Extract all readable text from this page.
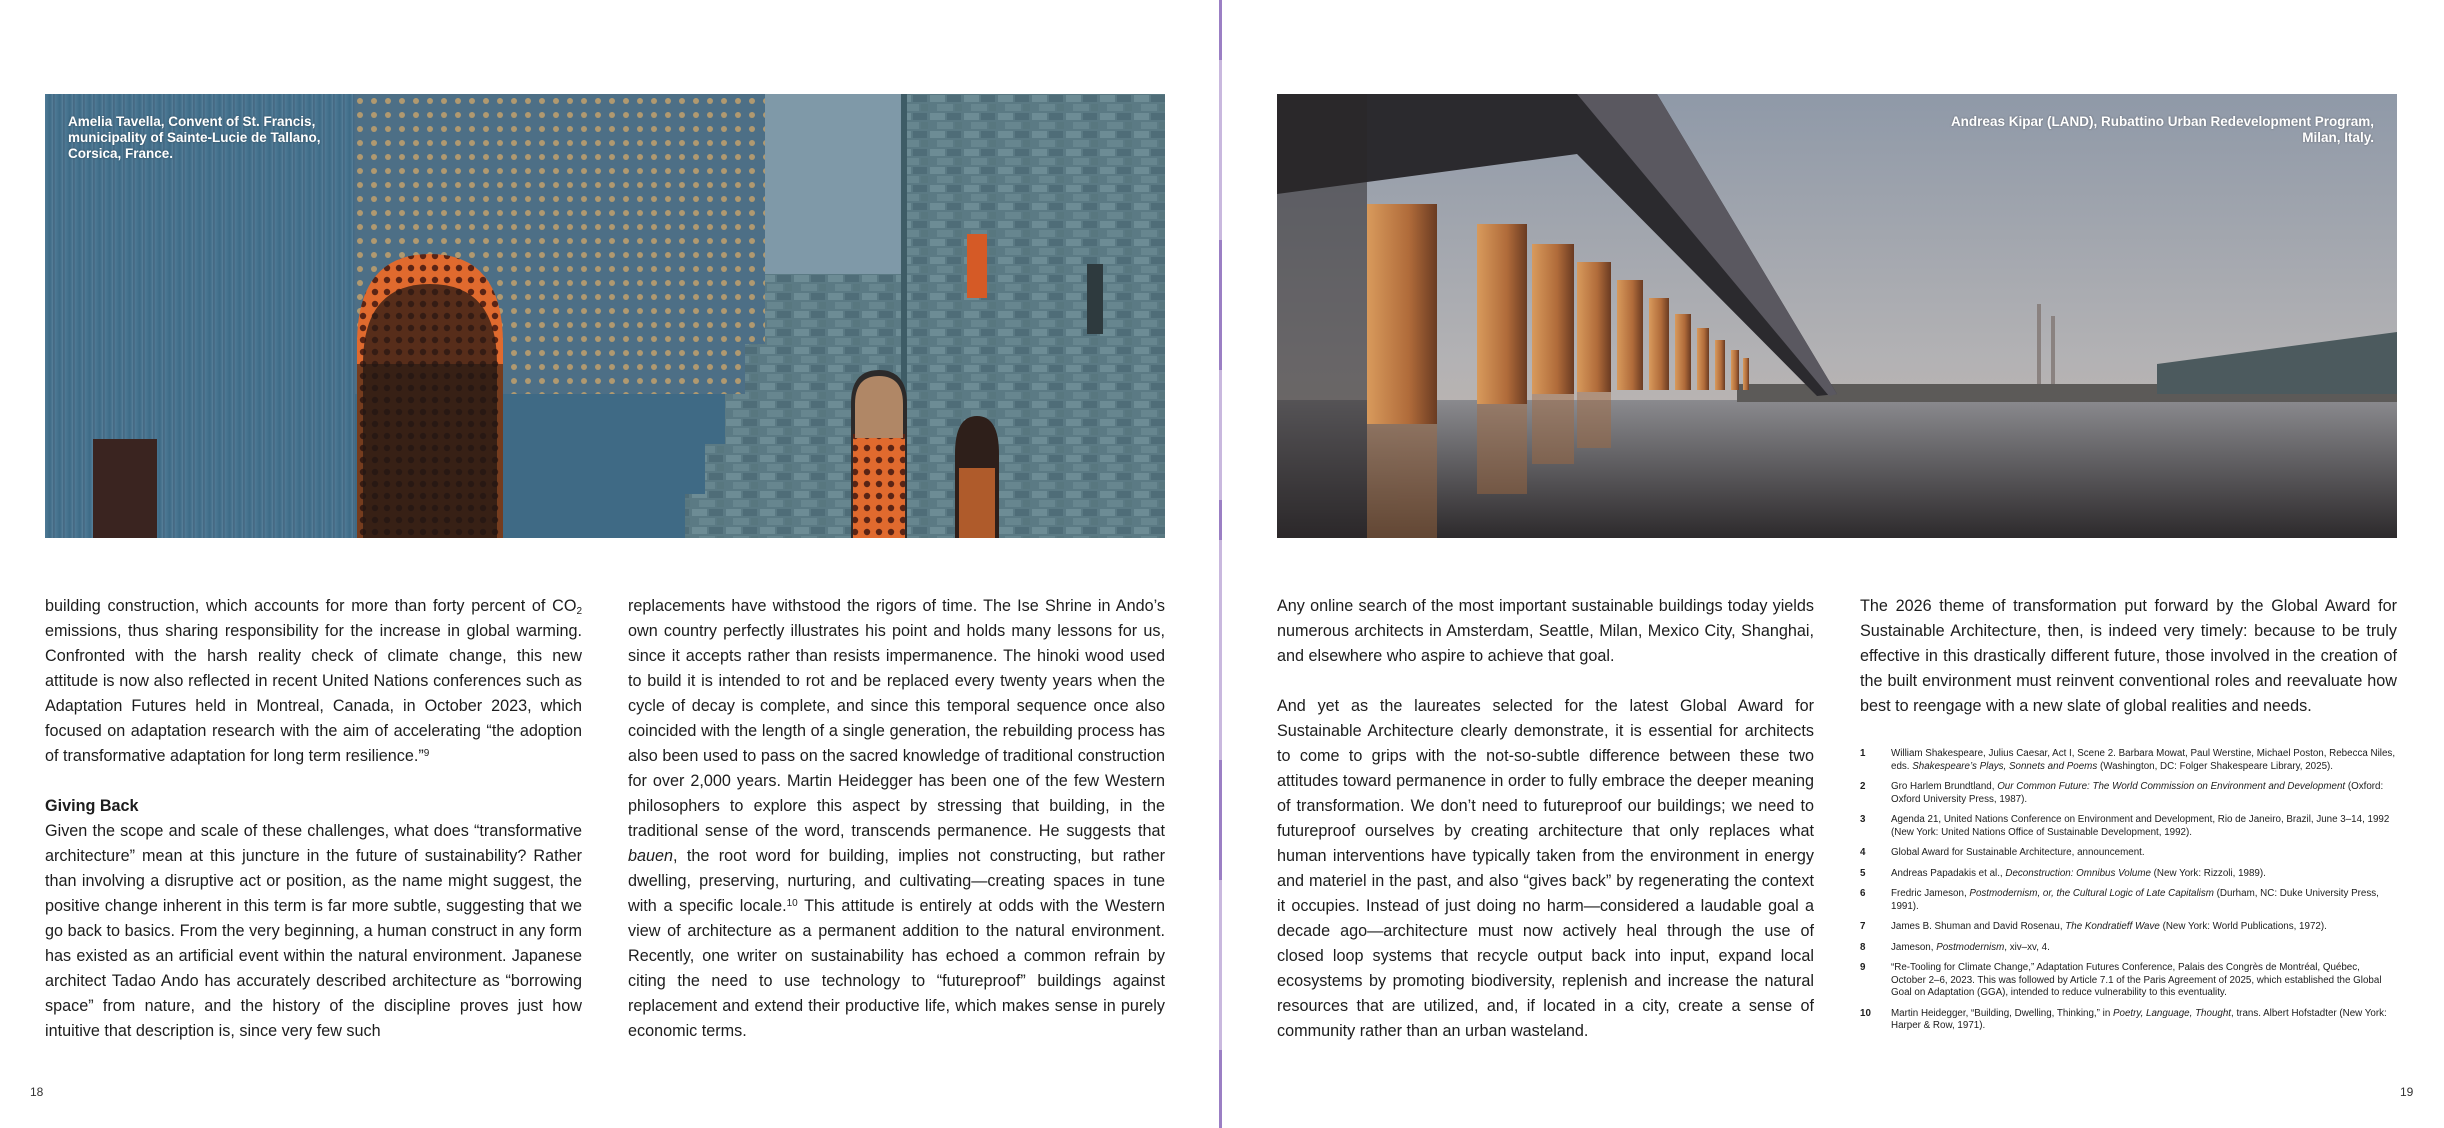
Amelia Tavella, Convent of St. Francis,
municipality of Sainte-Lucie de Tallano,
Corsica, France.
Andreas Kipar (LAND), Rubattino Urban Redevelopment Program,
Milan, Italy.

building construction, which accounts for more than forty percent of $CO_2$ emissions, thus sharing responsibility for the increase in global warming. Confronted with the harsh reality check of climate change, this new attitude is now also reflected in recent United Nations conferences such as Adaptation Futures held in Montreal, Canada, in October 2023, which focused on adaptation research with the aim of accelerating “the adoption of transformative adaptation for long term resilience.”$^9$

Giving Back

Given the scope and scale of these challenges, what does “transformative architecture” mean at this juncture in the future of sustainability? Rather than involving a disruptive act or position, as the name might suggest, the positive change inherent in this term is far more subtle, suggesting that we go back to basics. From the very beginning, a human construct in any form has existed as an artificial event within the natural environment. Japanese architect Tadao Ando has accurately described architecture as “borrowing space” from nature, and the history of the discipline proves just how intuitive that description is, since very few such

replacements have withstood the rigors of time. The Ise Shrine in Ando’s own country perfectly illustrates his point and holds many lessons for us, since it accepts rather than resists impermanence. The hinoki wood used to build it is intended to rot and be replaced every twenty years when the cycle of decay is complete, and since this temporal sequence once also coincided with the length of a single generation, the rebuilding process has also been used to pass on the sacred knowledge of traditional construction for over 2,000 years. Martin Heidegger has been one of the few Western philosophers to explore this aspect by stressing that building, in the traditional sense of the word, transcends permanence. He suggests that bauen, the root word for building, implies not constructing, but rather dwelling, preserving, nurturing, and cultivating—creating spaces in tune with a specific locale.$^{10}$ This attitude is entirely at odds with the Western view of architecture as a permanent addition to the natural environment. Recently, one writer on sustainability has echoed a common refrain by citing the need to use technology to “futureproof” buildings against replacement and extend their productive life, which makes sense in purely economic terms.

Any online search of the most important sustainable buildings today yields numerous architects in Amsterdam, Seattle, Milan, Mexico City, Shanghai, and elsewhere who aspire to achieve that goal.

And yet as the laureates selected for the latest Global Award for Sustainable Architecture clearly demonstrate, it is essential for architects to come to grips with the not-so-subtle difference between these two attitudes toward permanence in order to fully embrace the deeper meaning of transformation. We don’t need to futureproof our buildings; we need to futureproof ourselves by creating architecture that only replaces what human interventions have typically taken from the environment in energy and materiel in the past, and also “gives back” by regenerating the context it occupies. Instead of just doing no harm—considered a laudable goal a decade ago—architecture must now actively heal through the use of closed loop systems that recycle output back into input, expand local ecosystems by promoting biodiversity, replenish and increase the natural resources that are utilized, and, if located in a city, create a sense of community rather than an urban wasteland.

The 2026 theme of transformation put forward by the Global Award for Sustainable Architecture, then, is indeed very timely: because to be truly effective in this drastically different future, those involved in the creation of the built environment must reinvent conventional roles and reevaluate how best to reengage with a new slate of global realities and needs.

1	William Shakespeare, Julius Caesar, Act I, Scene 2. Barbara Mowat, Paul Werstine, Michael Poston, Rebecca Niles, eds. Shakespeare’s Plays, Sonnets and Poems (Washington, DC: Folger Shakespeare Library, 2025).
2	Gro Harlem Brundtland, Our Common Future: The World Commission on Environment and Development (Oxford: Oxford University Press, 1987).
3	Agenda 21, United Nations Conference on Environment and Development, Rio de Janeiro, Brazil, June 3–14, 1992 (New York: United Nations Office of Sustainable Development, 1992).
4	Global Award for Sustainable Architecture, announcement.
5	Andreas Papadakis et al., Deconstruction: Omnibus Volume (New York: Rizzoli, 1989).
6	Fredric Jameson, Postmodernism, or, the Cultural Logic of Late Capitalism (Durham, NC: Duke University Press, 1991).
7	James B. Shuman and David Rosenau, The Kondratieff Wave (New York: World Publications, 1972).
8	Jameson, Postmodernism, xiv–xv, 4.
9	“Re-Tooling for Climate Change,” Adaptation Futures Conference, Palais des Congrès de Montréal, Québec, October 2–6, 2023. This was followed by Article 7.1 of the Paris Agreement of 2025, which established the Global Goal on Adaptation (GGA), intended to reduce vulnerability to this eventuality.
10	Martin Heidegger, “Building, Dwelling, Thinking,” in Poetry, Language, Thought, trans. Albert Hofstadter (New York: Harper & Row, 1971).
18	19
